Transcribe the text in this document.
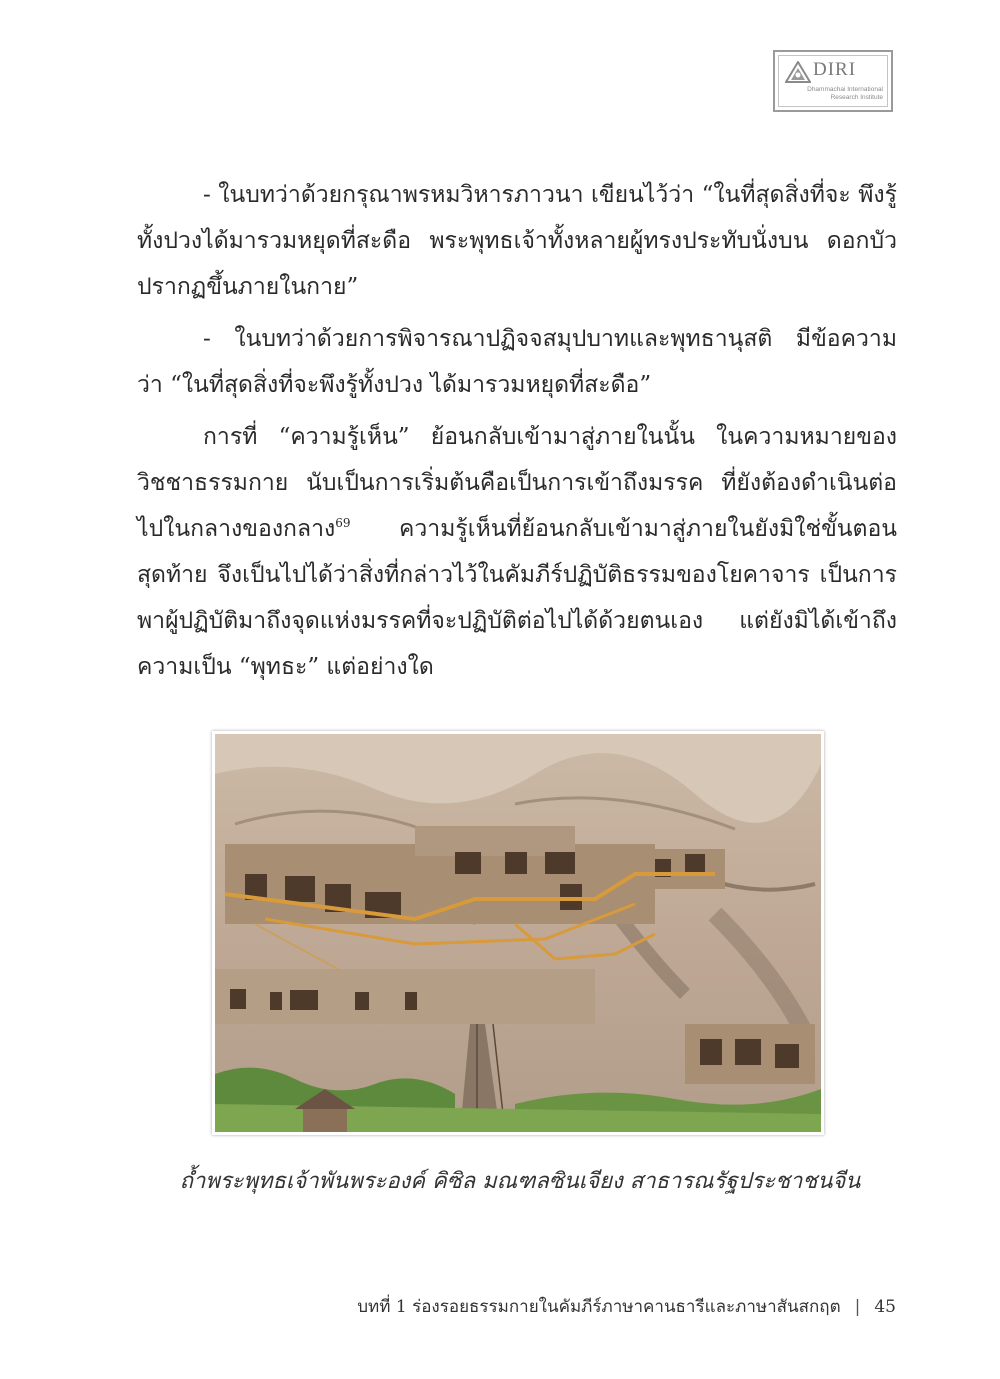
DIRI
Dhammachai International
Research Institute

- ในบทว่าด้วยกรุณาพรหมวิหารภาวนา เขียนไว้ว่า “ในที่สุดสิ่งที่จะ พึงรู้ทั้งปวงได้มารวมหยุดที่สะดือ พระพุทธเจ้าทั้งหลายผู้ทรงประทับนั่งบน ดอกบัวปรากฏขึ้นภายในกาย”

- ในบทว่าด้วยการพิจารณาปฏิจจสมุปบาทและพุทธานุสติ มีข้อความ ว่า “ในที่สุดสิ่งที่จะพึงรู้ทั้งปวง ได้มารวมหยุดที่สะดือ”

การที่ “ความรู้เห็น” ย้อนกลับเข้ามาสู่ภายในนั้น ในความหมายของ วิชชาธรรมกาย นับเป็นการเริ่มต้นคือเป็นการเข้าถึงมรรค ที่ยังต้องดำเนินต่อ ไปในกลางของกลาง$^{69}$ ความรู้เห็นที่ย้อนกลับเข้ามาสู่ภายในยังมิใช่ขั้นตอน สุดท้าย จึงเป็นไปได้ว่าสิ่งที่กล่าวไว้ในคัมภีร์ปฏิบัติธรรมของโยคาจาร เป็นการ พาผู้ปฏิบัติมาถึงจุดแห่งมรรคที่จะปฏิบัติต่อไปได้ด้วยตนเอง แต่ยังมิได้เข้าถึง ความเป็น “พุทธะ” แต่อย่างใด

ถ้ำพระพุทธเจ้าพันพระองค์ คิซิล มณฑลซินเจียง สาธารณรัฐประชาชนจีน
บทที่ 1 ร่องรอยธรรมกายในคัมภีร์ภาษาคานธารีและภาษาสันสกฤต | 45
